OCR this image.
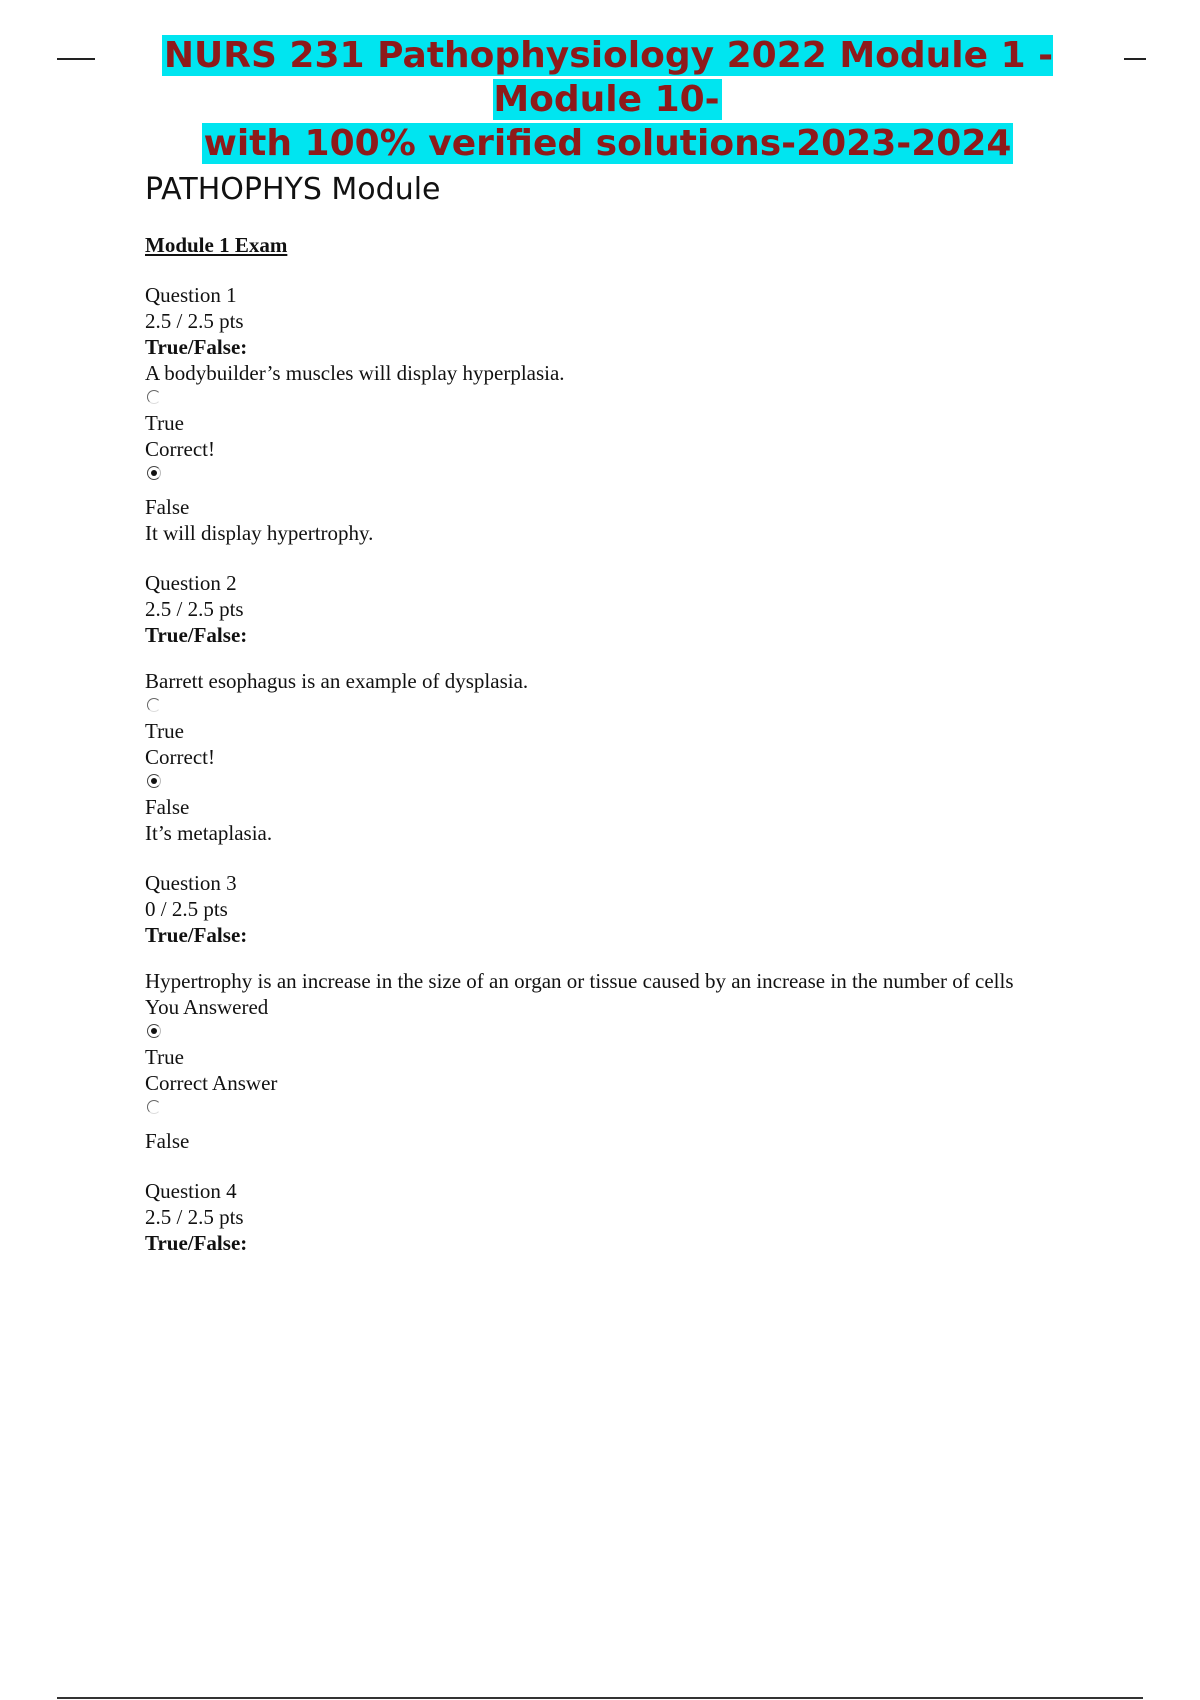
NURS 231 Pathophysiology 2022 Module 1 - Module 10-
with 100% verified solutions-2023-2024
PATHOPHYS Module
Module 1 Exam
Question 1
2.5 / 2.5 pts
True/False:
A bodybuilder’s muscles will display hyperplasia.
True
Correct!
False
It will display hypertrophy.
Question 2
2.5 / 2.5 pts
True/False:
Barrett esophagus is an example of dysplasia.
True
Correct!
False
It’s metaplasia.
Question 3
0 / 2.5 pts
True/False:
Hypertrophy is an increase in the size of an organ or tissue caused by an increase in the number of cells
You Answered
True
Correct Answer
False
Question 4
2.5 / 2.5 pts
True/False:
